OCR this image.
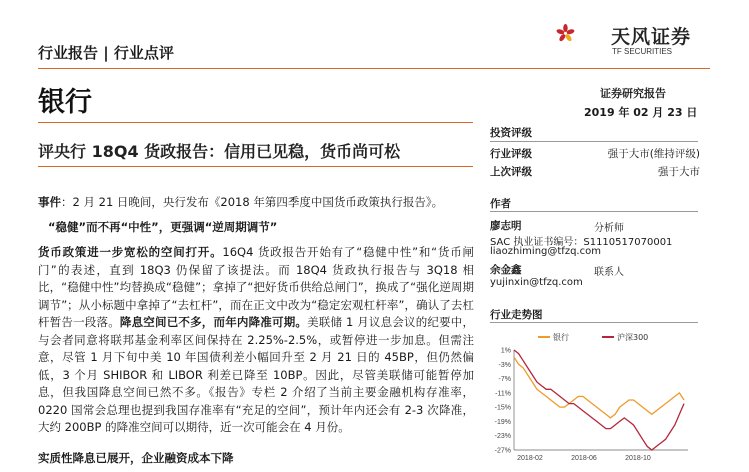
行业报告 | 行业点评
天风证券
TF SECURITIES
银行	证券研究报告
2019 年 02 月 23 日
评央行 18Q4 货政报告：信用已见稳，货币尚可松
投资评级
行业评级	强于大市(维持评级)
上次评级	强于大市
作者
廖志明	分析师
SAC 执业证书编号：S1110517070001
liaozhiming@tfzq.com
余金鑫	联系人
yujinxin@tfzq.com
行业走势图
银行	沪深300
1%
-3%
-7%
-11%
-15%
-19%
-23%
-27%
2018-02	2018-06	2018-10
事件：2 月 21 日晚间，央行发布《2018 年第四季度中国货币政策执行报告》。
“稳健”而不再“中性”，更强调“逆周期调节”
货币政策进一步宽松的空间打开。16Q4 货政报告开始有了“稳健中性”和“货币闸门”的表述，直到 18Q3 仍保留了该提法。而 18Q4 货政执行报告与 3Q18 相比，“稳健中性”均替换成“稳健”；拿掉了“把好货币供给总闸门”，换成了“强化逆周期调节”；从小标题中拿掉了“去杠杆”，而在正文中改为“稳定宏观杠杆率”，确认了去杠杆暂告一段落。降息空间已不多，而年内降准可期。美联储 1 月议息会议的纪要中，与会者同意将联邦基金利率区间保持在 2.25%-2.5%，或暂停进一步加息。但需注意，尽管 1 月下旬中美 10 年国债利差小幅回升至 2 月 21 日的 45BP，但仍然偏低，3 个月 SHIBOR 和 LIBOR 利差已降至 10BP。因此，尽管美联储可能暂停加息，但我国降息空间已然不多。《报告》专栏 2 介绍了当前主要金融机构存准率，0220 国常会总理也提到我国存准率有“充足的空间”，预计年内还会有 2-3 次降准，大约 200BP 的降准空间可以期待，近一次可能会在 4 月份。
实质性降息已展开，企业融资成本下降
